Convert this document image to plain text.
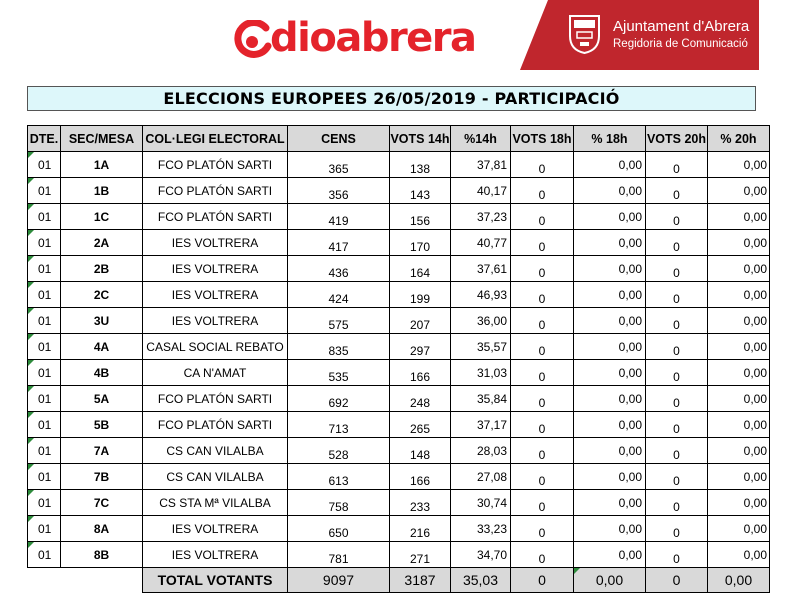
dioabrera	Ajuntament d'Abrera
Regidoria de Comunicació
ELECCIONS EUROPEES 26/05/2019 - PARTICIPACIÓ
DTE.	SEC/MESA	COL·LEGI ELECTORAL	CENS	VOTS 14h	%14h	VOTS 18h	% 18h	VOTS 20h	% 20h
01	1A	FCO PLATÓN SARTI	365	138	37,81	0	0,00	0	0,00
01	1B	FCO PLATÓN SARTI	356	143	40,17	0	0,00	0	0,00
01	1C	FCO PLATÓN SARTI	419	156	37,23	0	0,00	0	0,00
01	2A	IES VOLTRERA	417	170	40,77	0	0,00	0	0,00
01	2B	IES VOLTRERA	436	164	37,61	0	0,00	0	0,00
01	2C	IES VOLTRERA	424	199	46,93	0	0,00	0	0,00
01	3U	IES VOLTRERA	575	207	36,00	0	0,00	0	0,00
01	4A	CASAL SOCIAL REBATO	835	297	35,57	0	0,00	0	0,00
01	4B	CA N'AMAT	535	166	31,03	0	0,00	0	0,00
01	5A	FCO PLATÓN SARTI	692	248	35,84	0	0,00	0	0,00
01	5B	FCO PLATÓN SARTI	713	265	37,17	0	0,00	0	0,00
01	7A	CS CAN VILALBA	528	148	28,03	0	0,00	0	0,00
01	7B	CS CAN VILALBA	613	166	27,08	0	0,00	0	0,00
01	7C	CS STA Mª VILALBA	758	233	30,74	0	0,00	0	0,00
01	8A	IES VOLTRERA	650	216	33,23	0	0,00	0	0,00
01	8B	IES VOLTRERA	781	271	34,70	0	0,00	0	0,00
TOTAL VOTANTS	9097	3187	35,03	0	0,00	0	0,00
